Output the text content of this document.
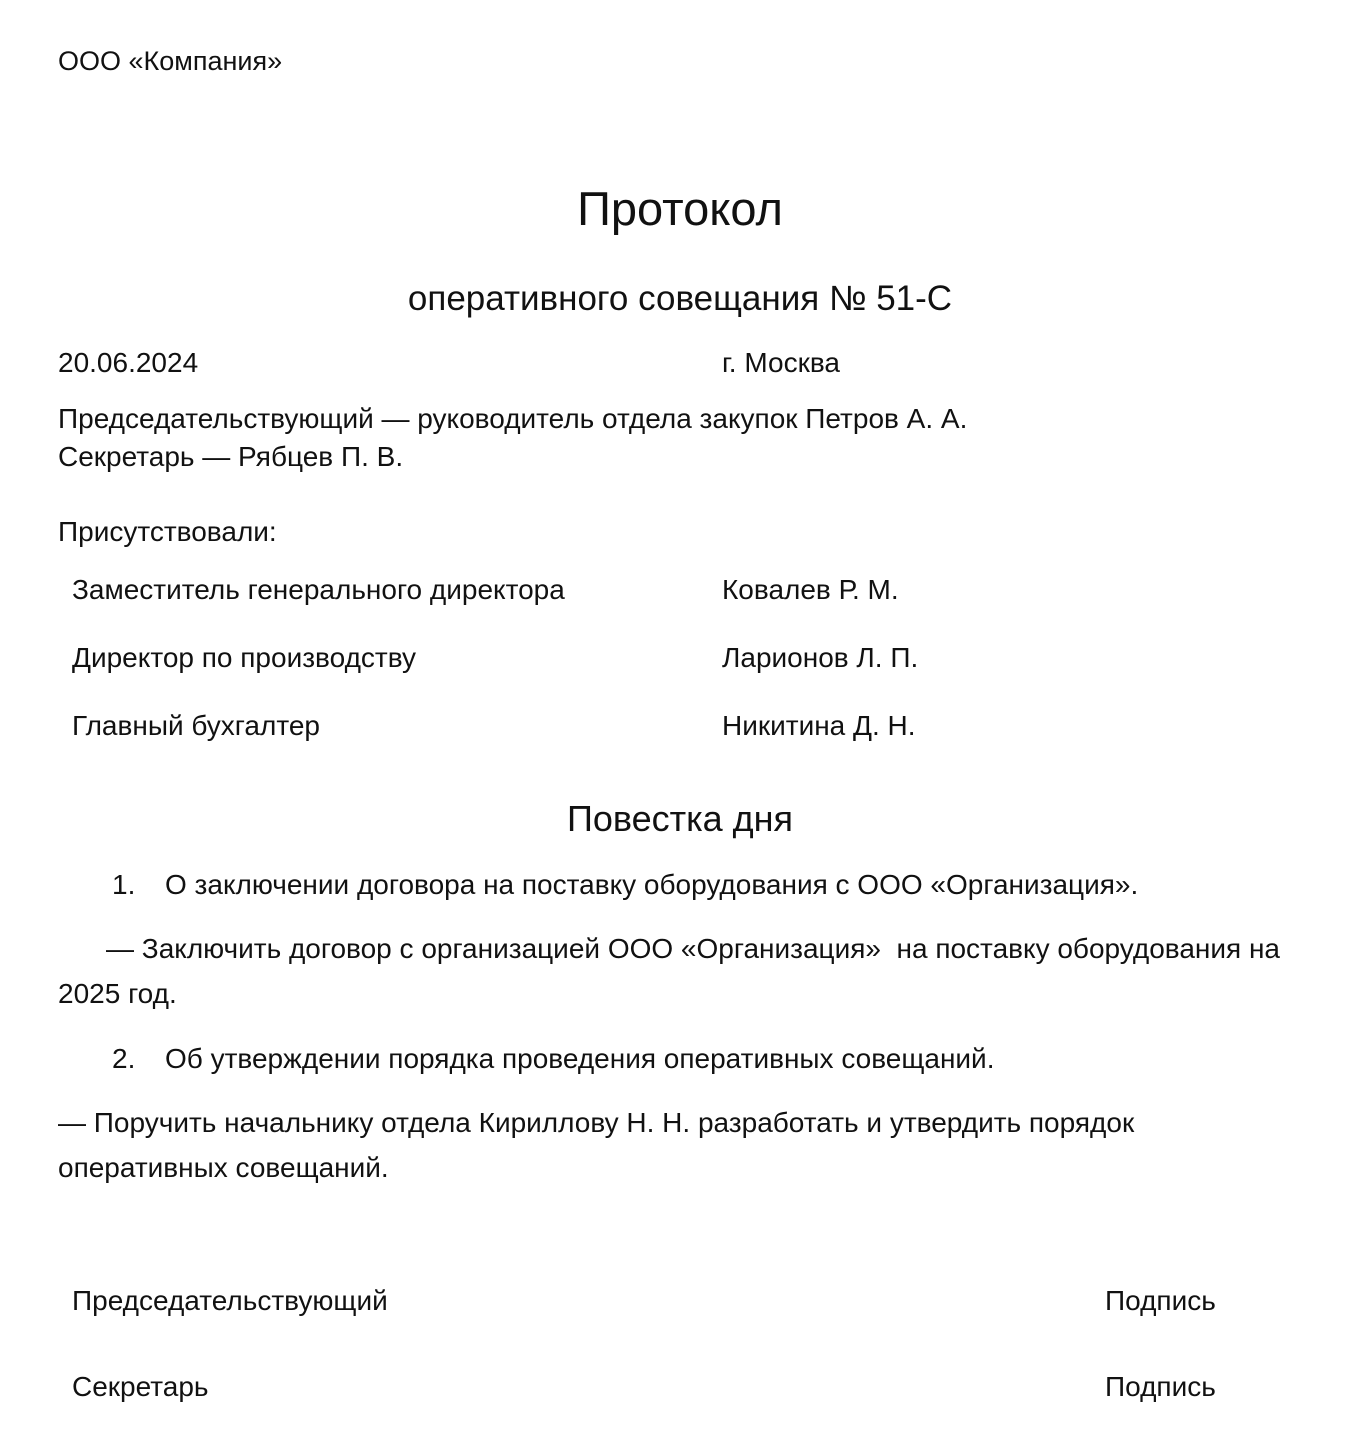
ООО «Компания»
Протокол
оперативного совещания № 51-С
20.06.2024	г. Москва
Председательствующий — руководитель отдела закупок Петров А. А.
Секретарь — Рябцев П. В.
Присутствовали:
Заместитель генерального директора	Ковалев Р. М.
Директор по производству	Ларионов Л. П.
Главный бухгалтер	Никитина Д. Н.
Повестка дня
1. О заключении договора на поставку оборудования с ООО «Организация».

— Заключить договор с организацией ООО «Организация»  на поставку оборудования на 2025 год.

2. Об утверждении порядка проведения оперативных совещаний.

— Поручить начальнику отдела Кириллову Н. Н. разработать и утвердить порядок оперативных совещаний.

Председательствующий	Подпись
Секретарь	Подпись
